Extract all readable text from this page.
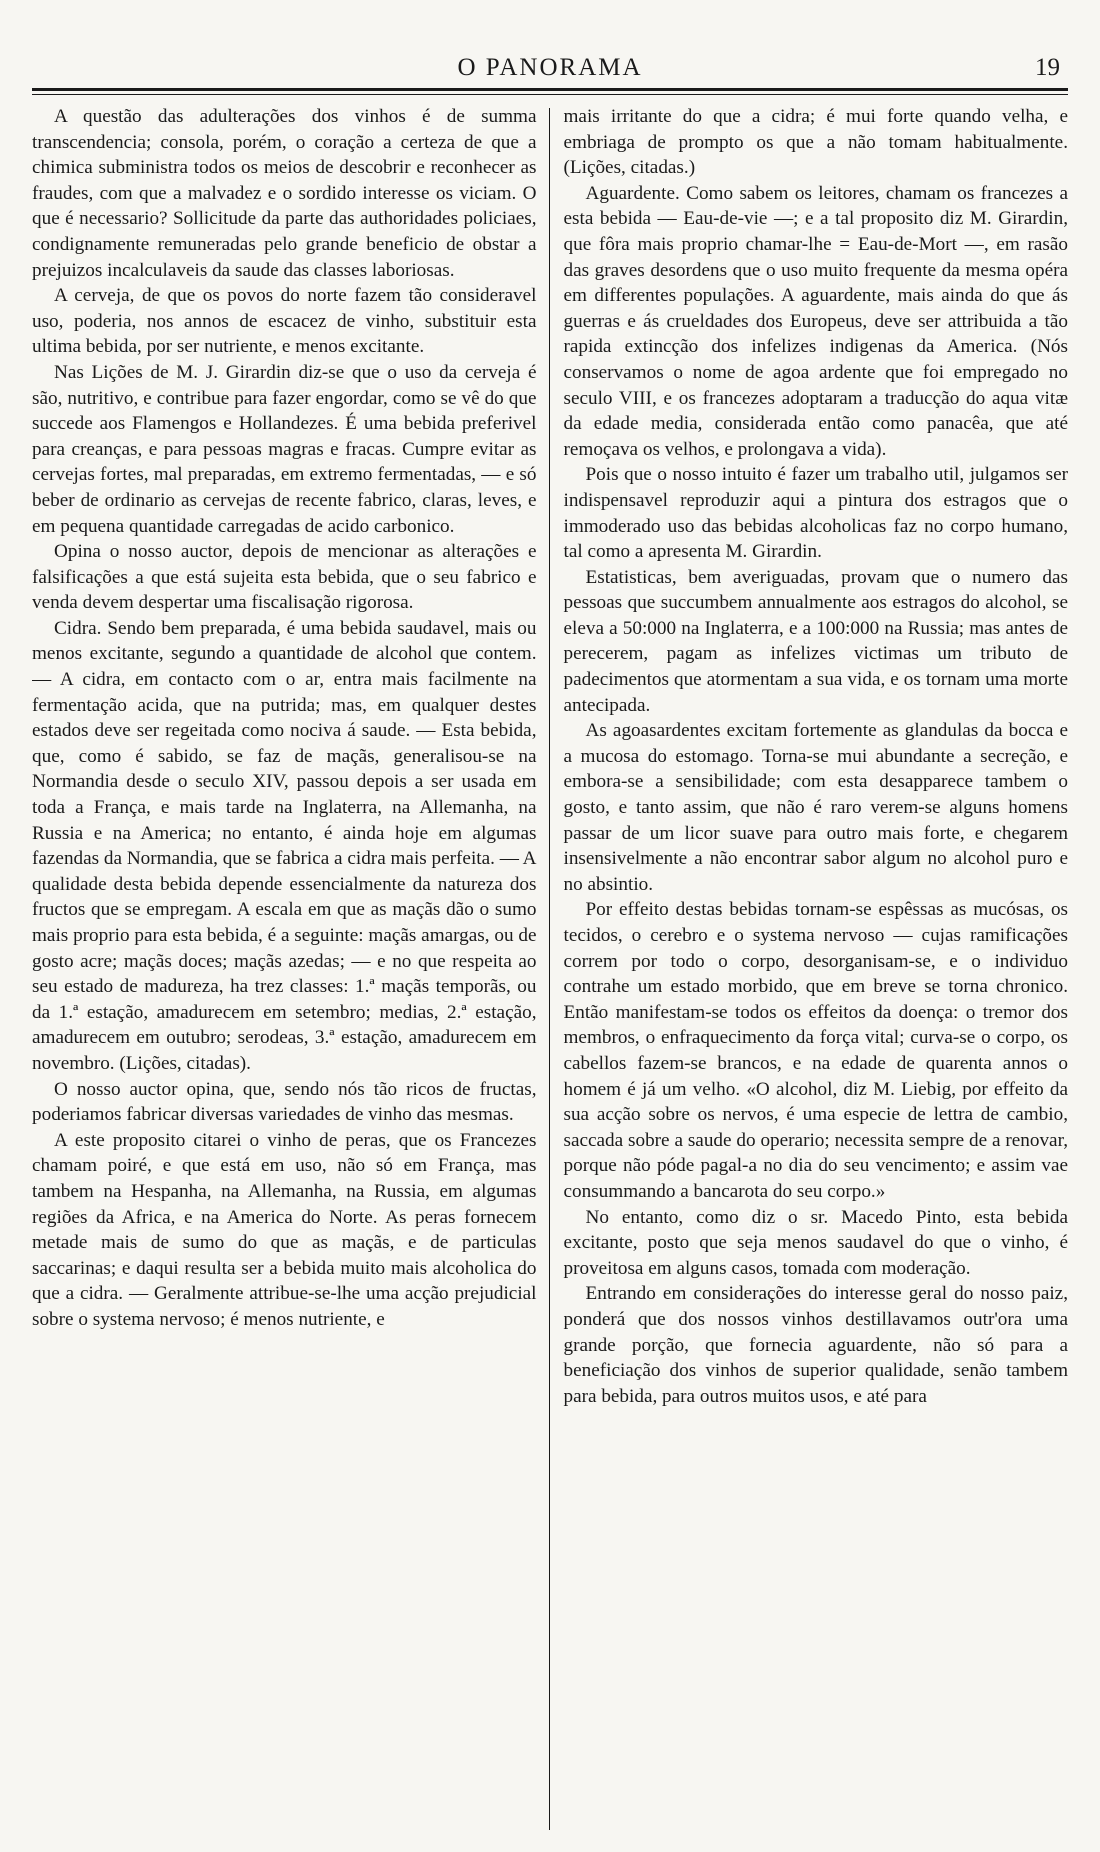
O PANORAMA	19

A questão das adulterações dos vinhos é de summa transcendencia; consola, porém, o coração a certeza de que a chimica subministra todos os meios de descobrir e reconhecer as fraudes, com que a malvadez e o sordido interesse os viciam. O que é necessario? Sollicitude da parte das authoridades policiaes, condignamente remuneradas pelo grande beneficio de obstar a prejuizos incalculaveis da saude das classes laboriosas.

A cerveja, de que os povos do norte fazem tão consideravel uso, poderia, nos annos de escacez de vinho, substituir esta ultima bebida, por ser nutriente, e menos excitante.

Nas Lições de M. J. Girardin diz-se que o uso da cerveja é são, nutritivo, e contribue para fazer engordar, como se vê do que succede aos Flamengos e Hollandezes. É uma bebida preferivel para creanças, e para pessoas magras e fracas. Cumpre evitar as cervejas fortes, mal preparadas, em extremo fermentadas, — e só beber de ordinario as cervejas de recente fabrico, claras, leves, e em pequena quantidade carregadas de acido carbonico.

Opina o nosso auctor, depois de mencionar as alterações e falsificações a que está sujeita esta bebida, que o seu fabrico e venda devem despertar uma fiscalisação rigorosa.

Cidra. Sendo bem preparada, é uma bebida saudavel, mais ou menos excitante, segundo a quantidade de alcohol que contem. — A cidra, em contacto com o ar, entra mais facilmente na fermentação acida, que na putrida; mas, em qualquer destes estados deve ser regeitada como nociva á saude. — Esta bebida, que, como é sabido, se faz de maçãs, generalisou-se na Normandia desde o seculo XIV, passou depois a ser usada em toda a França, e mais tarde na Inglaterra, na Allemanha, na Russia e na America; no entanto, é ainda hoje em algumas fazendas da Normandia, que se fabrica a cidra mais perfeita. — A qualidade desta bebida depende essencialmente da natureza dos fructos que se empregam. A escala em que as maçãs dão o sumo mais proprio para esta bebida, é a seguinte: maçãs amargas, ou de gosto acre; maçãs doces; maçãs azedas; — e no que respeita ao seu estado de madureza, ha trez classes: 1.ª maçãs temporãs, ou da 1.ª estação, amadurecem em setembro; medias, 2.ª estação, amadurecem em outubro; serodeas, 3.ª estação, amadurecem em novembro. (Lições, citadas).

O nosso auctor opina, que, sendo nós tão ricos de fructas, poderiamos fabricar diversas variedades de vinho das mesmas.

A este proposito citarei o vinho de peras, que os Francezes chamam poiré, e que está em uso, não só em França, mas tambem na Hespanha, na Allemanha, na Russia, em algumas regiões da Africa, e na America do Norte. As peras fornecem metade mais de sumo do que as maçãs, e de particulas saccarinas; e daqui resulta ser a bebida muito mais alcoholica do que a cidra. — Geralmente attribue-se-lhe uma acção prejudicial sobre o systema nervoso; é menos nutriente, e

mais irritante do que a cidra; é mui forte quando velha, e embriaga de prompto os que a não tomam habitualmente. (Lições, citadas.)

Aguardente. Como sabem os leitores, chamam os francezes a esta bebida — Eau-de-vie —; e a tal proposito diz M. Girardin, que fôra mais proprio chamar-lhe = Eau-de-Mort —, em rasão das graves desordens que o uso muito frequente da mesma opéra em differentes populações. A aguardente, mais ainda do que ás guerras e ás crueldades dos Europeus, deve ser attribuida a tão rapida extincção dos infelizes indigenas da America. (Nós conservamos o nome de agoa ardente que foi empregado no seculo VIII, e os francezes adoptaram a traducção do aqua vitæ da edade media, considerada então como panacêa, que até remoçava os velhos, e prolongava a vida).

Pois que o nosso intuito é fazer um trabalho util, julgamos ser indispensavel reproduzir aqui a pintura dos estragos que o immoderado uso das bebidas alcoholicas faz no corpo humano, tal como a apresenta M. Girardin.

Estatisticas, bem averiguadas, provam que o numero das pessoas que succumbem annualmente aos estragos do alcohol, se eleva a 50:000 na Inglaterra, e a 100:000 na Russia; mas antes de perecerem, pagam as infelizes victimas um tributo de padecimentos que atormentam a sua vida, e os tornam uma morte antecipada.

As agoasardentes excitam fortemente as glandulas da bocca e a mucosa do estomago. Torna-se mui abundante a secreção, e embora-se a sensibilidade; com esta desapparece tambem o gosto, e tanto assim, que não é raro verem-se alguns homens passar de um licor suave para outro mais forte, e chegarem insensivelmente a não encontrar sabor algum no alcohol puro e no absintio.

Por effeito destas bebidas tornam-se espêssas as mucósas, os tecidos, o cerebro e o systema nervoso — cujas ramificações correm por todo o corpo, desorganisam-se, e o individuo contrahe um estado morbido, que em breve se torna chronico. Então manifestam-se todos os effeitos da doença: o tremor dos membros, o enfraquecimento da força vital; curva-se o corpo, os cabellos fazem-se brancos, e na edade de quarenta annos o homem é já um velho. «O alcohol, diz M. Liebig, por effeito da sua acção sobre os nervos, é uma especie de lettra de cambio, saccada sobre a saude do operario; necessita sempre de a renovar, porque não póde pagal-a no dia do seu vencimento; e assim vae consummando a bancarota do seu corpo.»

No entanto, como diz o sr. Macedo Pinto, esta bebida excitante, posto que seja menos saudavel do que o vinho, é proveitosa em alguns casos, tomada com moderação.

Entrando em considerações do interesse geral do nosso paiz, ponderá que dos nossos vinhos destillavamos outr'ora uma grande porção, que fornecia aguardente, não só para a beneficiação dos vinhos de superior qualidade, senão tambem para bebida, para outros muitos usos, e até para
